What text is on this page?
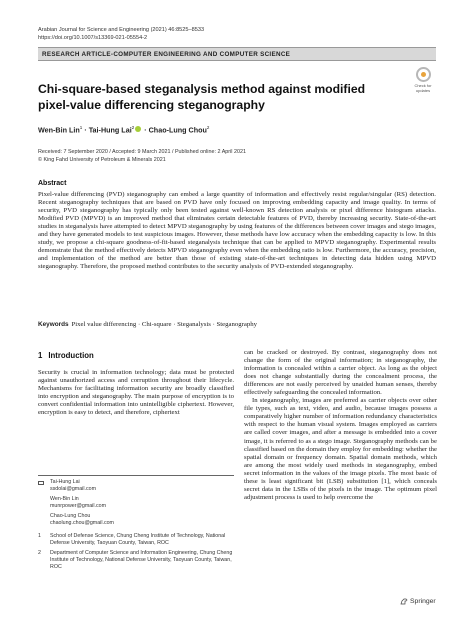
Arabian Journal for Science and Engineering (2021) 46:8525–8533
https://doi.org/10.1007/s13369-021-05554-2
RESEARCH ARTICLE-COMPUTER ENGINEERING AND COMPUTER SCIENCE
Check for
updates
Chi-square-based steganalysis method against modified pixel-value differencing steganography
Wen-Bin Lin$^1$ · Tai-Hung Lai$^2$ · Chao-Lung Chou$^2$
Received: 7 September 2020 / Accepted: 9 March 2021 / Published online: 2 April 2021
© King Fahd University of Petroleum & Minerals 2021
Abstract
Pixel-value differencing (PVD) steganography can embed a large quantity of information and effectively resist regular/singular (RS) detection. Recent steganography techniques that are based on PVD have only focused on improving embedding capacity and image quality. In terms of security, PVD steganography has typically only been tested against well-known RS detection analysis or pixel difference histogram attacks. Modified PVD (MPVD) is an improved method that eliminates certain detectable features of PVD, thereby increasing security. State-of-the-art studies in steganalysis have attempted to detect MPVD steganography by using features of the differences between cover images and stego images, and they have generated models to test suspicious images. However, these methods have low accuracy when the embedding capacity is low. In this study, we propose a chi-square goodness-of-fit-based steganalysis technique that can be applied to MPVD steganography. Experimental results demonstrate that the method effectively detects MPVD steganography even when the embedding ratio is low. Furthermore, the accuracy, precision, and implementation of the method are better than those of existing state-of-the-art techniques in detecting data hidden using MPVD steganography. Therefore, the proposed method contributes to the security analysis of PVD-extended steganography.
Keywords Pixel value differencing · Chi-square · Steganalysis · Steganography
1 Introduction

Security is crucial in information technology; data must be protected against unauthorized access and corruption throughout their lifecycle. Mechanisms for facilitating information security are broadly classified into encryption and steganography. The main purpose of encryption is to convert confidential information into unintelligible ciphertext. However, encryption is easy to detect, and therefore, ciphertext

can be cracked or destroyed. By contrast, steganography does not change the form of the original information; in steganography, the information is concealed within a carrier object. As long as the object does not change substantially during the concealment process, the differences are not easily perceived by unaided human senses, thereby effectively safeguarding the concealed information.

In steganography, images are preferred as carrier objects over other file types, such as text, video, and audio, because images possess a comparatively higher number of information redundancy characteristics with respect to the human visual system. Images employed as carriers are called cover images, and after a message is embedded into a cover image, it is referred to as a stego image. Steganography methods can be classified based on the domain they employ for embedding: whether the spatial domain or frequency domain. Spatial domain methods, which are among the most widely used methods in steganography, embed secret information in the values of the image pixels. The most basic of these is least significant bit (LSB) substitution [1], which conceals secret data in the LSBs of the pixels in the image. The optimum pixel adjustment process is used to help overcome the

Tai-Hung Lai
ssdolai@gmail.com
Wen-Bin Lin
munrpower@gmail.com
Chao-Lung Chou
chaolung.chou@gmail.com
1	School of Defense Science, Chung Cheng Institute of Technology, National Defense University, Taoyuan County, Taiwan, ROC
2	Department of Computer Science and Information Engineering, Chung Cheng Institute of Technology, National Defense University, Taoyuan County, Taiwan, ROC
Springer
